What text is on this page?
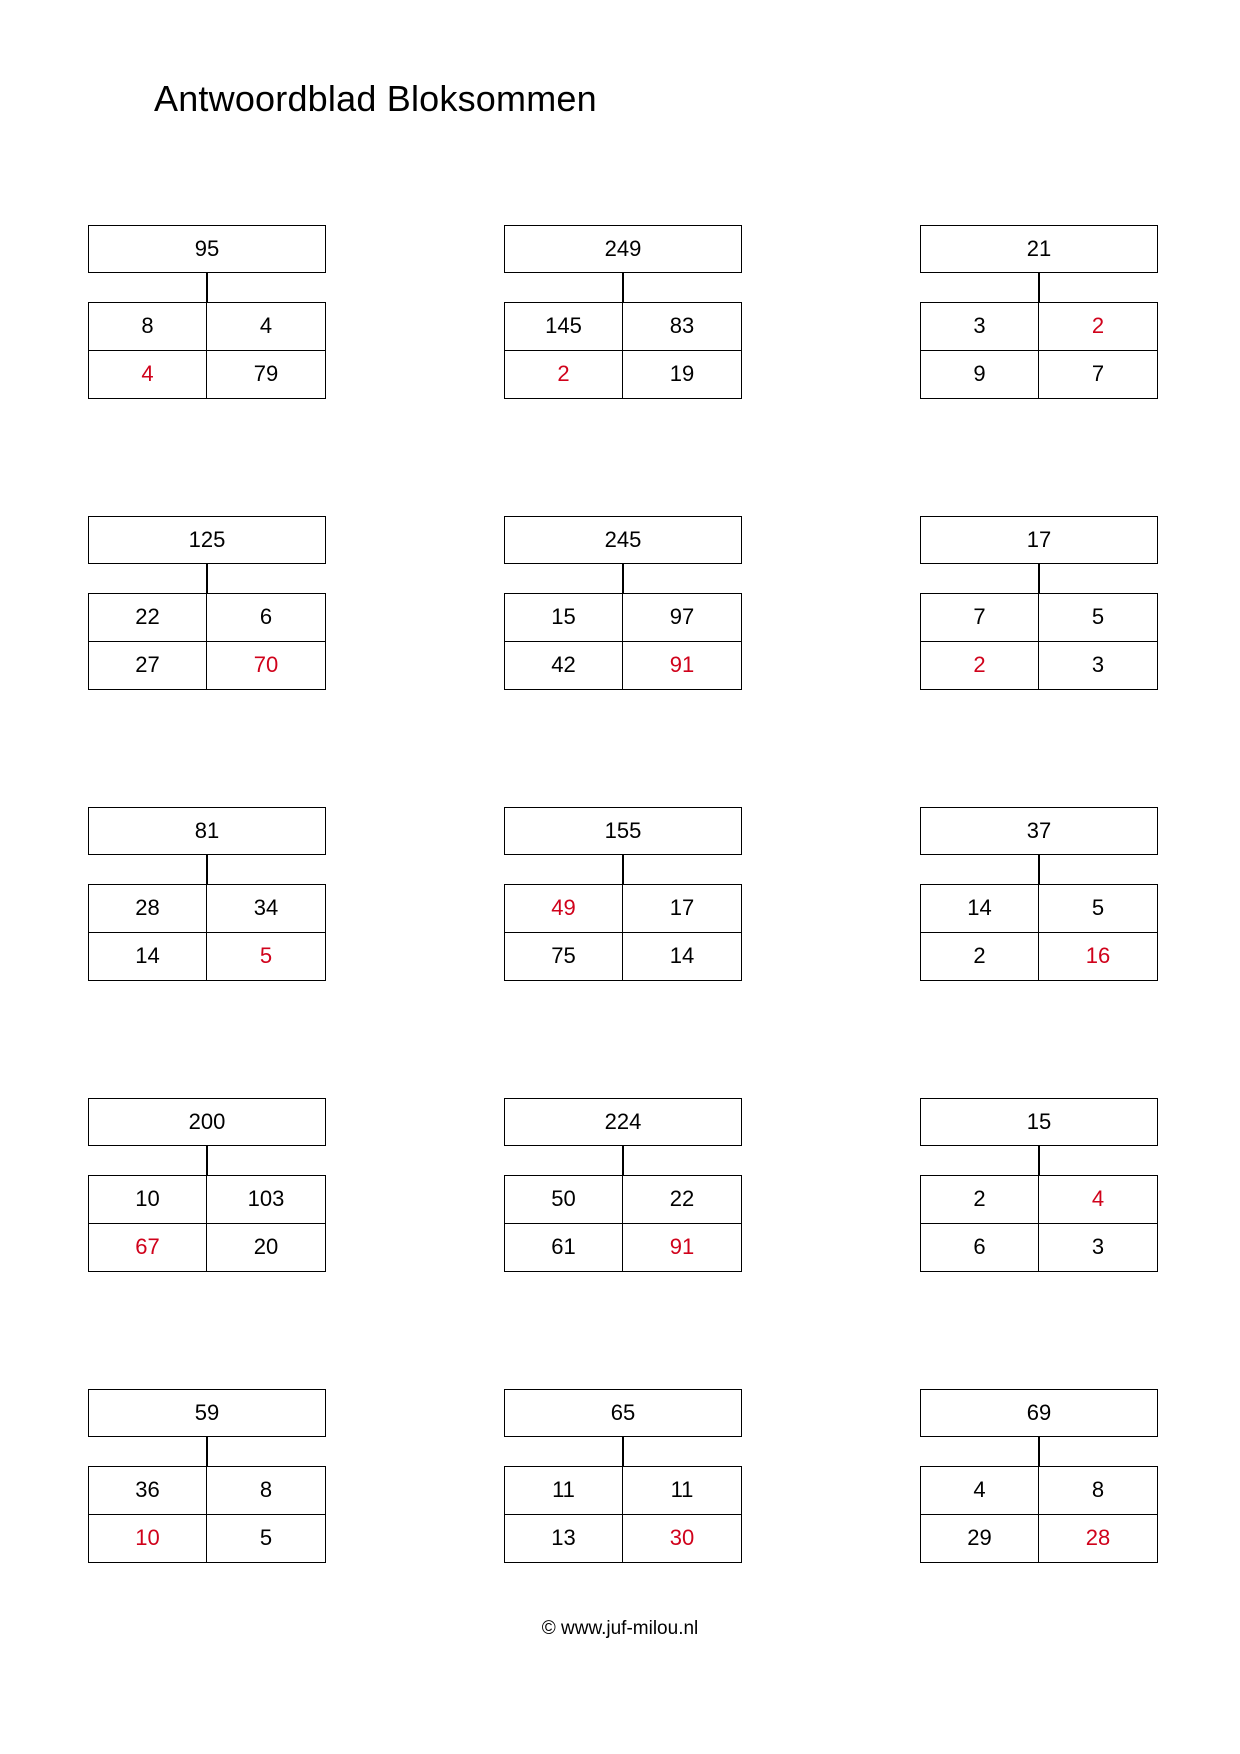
Antwoordblad Bloksommen
95
8	4
4	79
249
145	83
2	19
21
3	2
9	7
125
22	6
27	70
245
15	97
42	91
17
7	5
2	3
81
28	34
14	5
155
49	17
75	14
37
14	5
2	16
200
10	103
67	20
224
50	22
61	91
15
2	4
6	3
59
36	8
10	5
65
11	11
13	30
69
4	8
29	28
© www.juf-milou.nl
